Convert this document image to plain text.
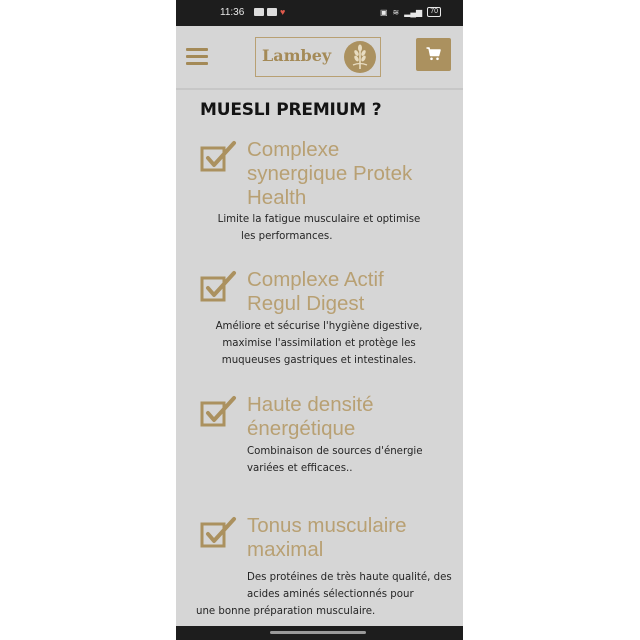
11:36	♥	▣ ≋ ▂▄▆	70
Lambey
MUESLI PREMIUM ?
Complexe
synergique Protek
Health
Limite la fatigue musculaire et optimise
les performances.
Complexe Actif
Regul Digest
Améliore et sécurise l'hygiène digestive,
maximise l'assimilation et protège les
muqueuses gastriques et intestinales.
Haute densité
énergétique
Combinaison de sources d'énergie
variées et efficaces..
Tonus musculaire
maximal
Des protéines de très haute qualité, des
acides aminés sélectionnés pour
une bonne préparation musculaire.
